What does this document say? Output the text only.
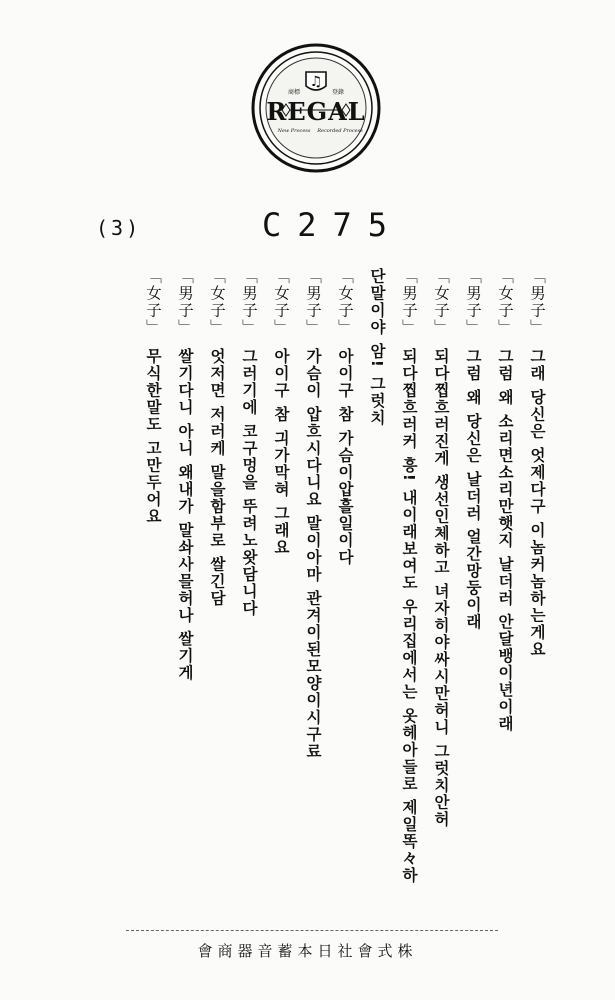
♫
REGAL
商標	登錄
New Process Recorded Process
(3)	C275
「男子」그래 당신은 엇제다구 이놈커놈하는게요
「女子」그럼 왜 소리면소리만햇지 날더러 안달뱅이년이래
「男子」그럼 왜 당신은 날더러 얼간망둥이래
「女子」되다찝흐러진게 생선인체하고 녀자히야싸시만허니 그럿치안허
「男子」되다찝흐러커 흥! 내이래보여도 우리집에서는 옷헤아들로 제일똑々하
단말이야 암! 그럿치
「女子」아이구 참 가슴이압흘일이다
「男子」가슴이 압흐시다니요 말이아마 관겨이된모양이시구료
「女子」아이구 참 긔가막혀 그래요
「男子」그러기에 코구멍을 뚜려노왓담니다
「女子」엇저면 저러케 말을함부로 쌀긴담
「男子」쌀기다니 아니 왜내가 말솨사믈허나 쌀기게
「女子」무식한말도 고만두어요
株式會社日本蓄音器商會
